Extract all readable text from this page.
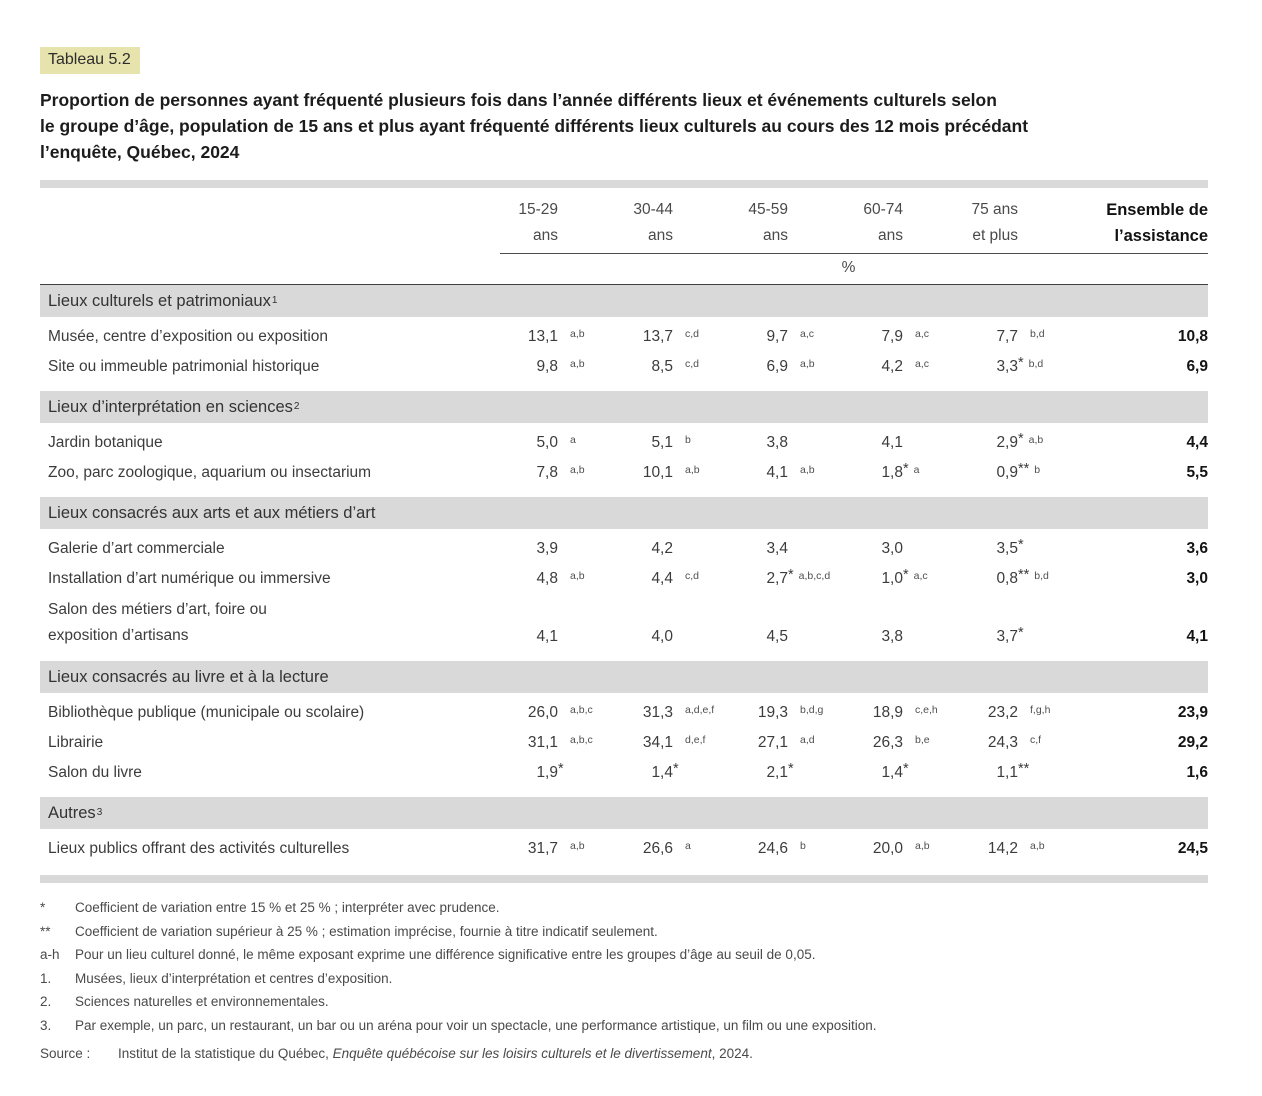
Tableau 5.2
Proportion de personnes ayant fréquenté plusieurs fois dans l’année différents lieux et événements culturels selon
le groupe d’âge, population de 15 ans et plus ayant fréquenté différents lieux culturels au cours des 12 mois précédant
l’enquête, Québec, 2024
15-29
ans
30-44
ans
45-59
ans
60-74
ans
75 ans
et plus
Ensemble de
l’assistance
%
Lieux culturels et patrimoniaux 1
Musée, centre d’exposition ou exposition	13,1	$^{a,b}$	13,7	$^{c,d}$	9,7	$^{a,c}$	7,9	$^{a,c}$	7,7	$^{b,d}$	10,8
Site ou immeuble patrimonial historique	9,8	$^{a,b}$	8,5	$^{c,d}$	6,9	$^{a,b}$	4,2	$^{a,c}$	3,3 * $^{b,d}$	6,9
Lieux d’interprétation en sciences 2
Jardin botanique	5,0	$^a$	5,1	$^b$	3,8	4,1	2,9 * $^{a,b}$	4,4
Zoo, parc zoologique, aquarium ou insectarium	7,8	$^{a,b}$	10,1	$^{a,b}$	4,1	$^{a,b}$	1,8 * $^a$	0,9 ** $^b$	5,5
Lieux consacrés aux arts et aux métiers d’art
Galerie d’art commerciale	3,9	4,2	3,4	3,0	3,5 *	3,6
Installation d’art numérique ou immersive	4,8	$^{a,b}$	4,4	$^{c,d}$	2,7 * $^{a,b,c,d}$	1,0 * $^{a,c}$	0,8 ** $^{b,d}$	3,0
Salon des métiers d’art, foire ou
exposition d’artisans	4,1	4,0	4,5	3,8	3,7 *	4,1
Lieux consacrés au livre et à la lecture
Bibliothèque publique (municipale ou scolaire)	26,0	$^{a,b,c}$	31,3	$^{a,d,e,f}$	19,3	$^{b,d,g}$	18,9	$^{c,e,h}$	23,2	$^{f,g,h}$	23,9
Librairie	31,1	$^{a,b,c}$	34,1	$^{d,e,f}$	27,1	$^{a,d}$	26,3	$^{b,e}$	24,3	$^{c,f}$	29,2
Salon du livre	1,9 *	1,4 *	2,1 *	1,4 *	1,1 **	1,6
Autres 3
Lieux publics offrant des activités culturelles	31,7	$^{a,b}$	26,6	$^a$	24,6	$^b$	20,0	$^{a,b}$	14,2	$^{a,b}$	24,5
*	Coefficient de variation entre 15 % et 25 % ; interpréter avec prudence.
**	Coefficient de variation supérieur à 25 % ; estimation imprécise, fournie à titre indicatif seulement.
a-h	Pour un lieu culturel donné, le même exposant exprime une différence significative entre les groupes d’âge au seuil de 0,05.
1.	Musées, lieux d’interprétation et centres d’exposition.
2.	Sciences naturelles et environnementales.
3.	Par exemple, un parc, un restaurant, un bar ou un aréna pour voir un spectacle, une performance artistique, un film ou une exposition.
Source :	Institut de la statistique du Québec, Enquête québécoise sur les loisirs culturels et le divertissement, 2024.
